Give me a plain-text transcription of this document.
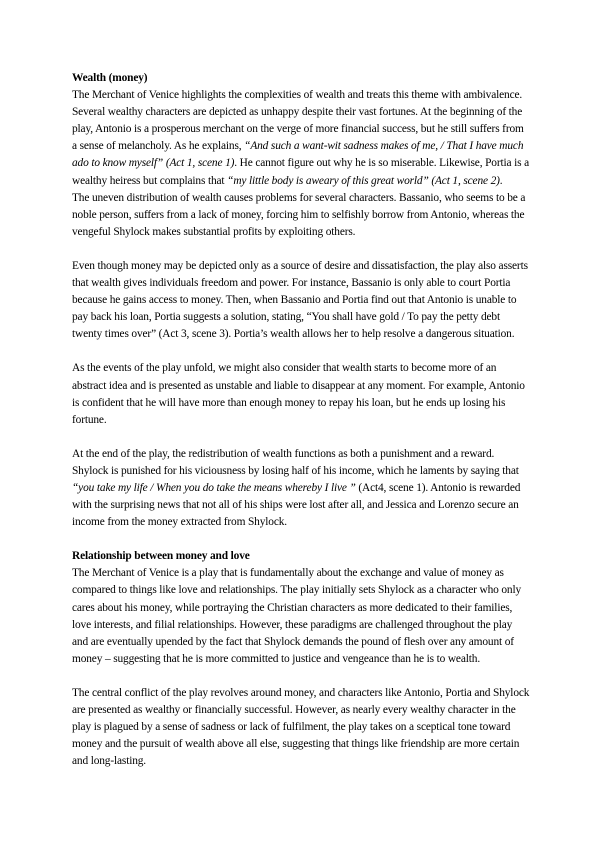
Wealth (money)

The Merchant of Venice highlights the complexities of wealth and treats this theme with ambivalence. Several wealthy characters are depicted as unhappy despite their vast fortunes. At the beginning of the play, Antonio is a prosperous merchant on the verge of more financial success, but he still suffers from a sense of melancholy. As he explains, “And such a want-wit sadness makes of me, / That I have much ado to know myself” (Act 1, scene 1). He cannot figure out why he is so miserable. Likewise, Portia is a wealthy heiress but complains that “my little body is aweary of this great world” (Act 1, scene 2).

The uneven distribution of wealth causes problems for several characters. Bassanio, who seems to be a noble person, suffers from a lack of money, forcing him to selfishly borrow from Antonio, whereas the vengeful Shylock makes substantial profits by exploiting others.

Even though money may be depicted only as a source of desire and dissatisfaction, the play also asserts that wealth gives individuals freedom and power. For instance, Bassanio is only able to court Portia because he gains access to money. Then, when Bassanio and Portia find out that Antonio is unable to pay back his loan, Portia suggests a solution, stating, “You shall have gold / To pay the petty debt twenty times over” (Act 3, scene 3). Portia’s wealth allows her to help resolve a dangerous situation.

As the events of the play unfold, we might also consider that wealth starts to become more of an abstract idea and is presented as unstable and liable to disappear at any moment. For example, Antonio is confident that he will have more than enough money to repay his loan, but he ends up losing his fortune.

At the end of the play, the redistribution of wealth functions as both a punishment and a reward. Shylock is punished for his viciousness by losing half of his income, which he laments by saying that “you take my life / When you do take the means whereby I live ” (Act4, scene 1). Antonio is rewarded with the surprising news that not all of his ships were lost after all, and Jessica and Lorenzo secure an income from the money extracted from Shylock.

Relationship between money and love

The Merchant of Venice is a play that is fundamentally about the exchange and value of money as compared to things like love and relationships. The play initially sets Shylock as a character who only cares about his money, while portraying the Christian characters as more dedicated to their families, love interests, and filial relationships. However, these paradigms are challenged throughout the play and are eventually upended by the fact that Shylock demands the pound of flesh over any amount of money – suggesting that he is more committed to justice and vengeance than he is to wealth.

The central conflict of the play revolves around money, and characters like Antonio, Portia and Shylock are presented as wealthy or financially successful. However, as nearly every wealthy character in the play is plagued by a sense of sadness or lack of fulfilment, the play takes on a sceptical tone toward money and the pursuit of wealth above all else, suggesting that things like friendship are more certain and long-lasting.
